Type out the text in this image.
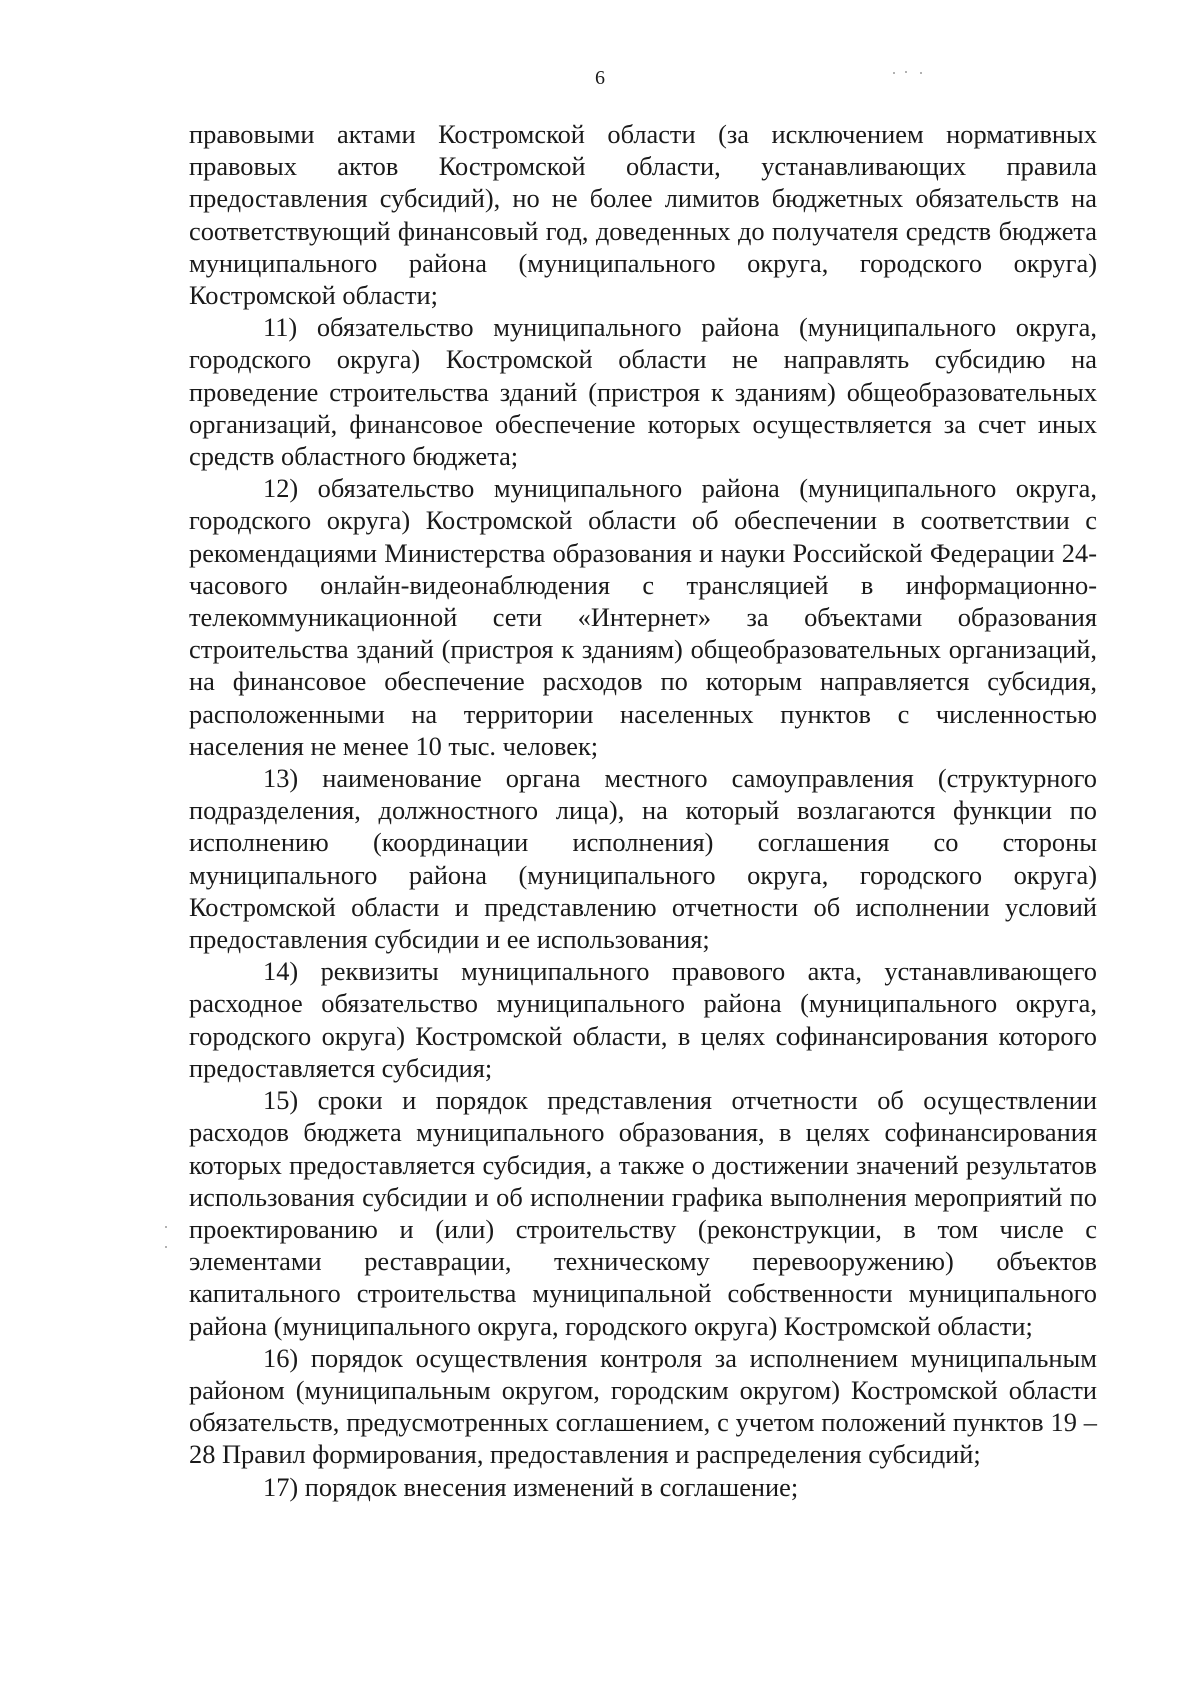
6

правовыми актами Костромской области (за исключением нормативных правовых актов Костромской области, устанавливающих правила предоставления субсидий), но не более лимитов бюджетных обязательств на соответствующий финансовый год, доведенных до получателя средств бюджета муниципального района (муниципального округа, городского округа) Костромской области;

11) обязательство муниципального района (муниципального округа, городского округа) Костромской области не направлять субсидию на проведение строительства зданий (пристроя к зданиям) общеобразовательных организаций, финансовое обеспечение которых осуществляется за счет иных средств областного бюджета;

12) обязательство муниципального района (муниципального округа, городского округа) Костромской области об обеспечении в соответствии с рекомендациями Министерства образования и науки Российской Федерации 24-часового онлайн-видеонаблюдения с трансляцией в информационно-телекоммуникационной сети «Интернет» за объектами образования строительства зданий (пристроя к зданиям) общеобразовательных организаций, на финансовое обеспечение расходов по которым направляется субсидия, расположенными на территории населенных пунктов с численностью населения не менее 10 тыс. человек;

13) наименование органа местного самоуправления (структурного подразделения, должностного лица), на который возлагаются функции по исполнению (координации исполнения) соглашения со стороны муниципального района (муниципального округа, городского округа) Костромской области и представлению отчетности об исполнении условий предоставления субсидии и ее использования;

14) реквизиты муниципального правового акта, устанавливающего расходное обязательство муниципального района (муниципального округа, городского округа) Костромской области, в целях софинансирования которого предоставляется субсидия;

15) сроки и порядок представления отчетности об осуществлении расходов бюджета муниципального образования, в целях софинансирования которых предоставляется субсидия, а также о достижении значений результатов использования субсидии и об исполнении графика выполнения мероприятий по проектированию и (или) строительству (реконструкции, в том числе с элементами реставрации, техническому перевооружению) объектов капитального строительства муниципальной собственности муниципального района (муниципального округа, городского округа) Костромской области;

16) порядок осуществления контроля за исполнением муниципальным районом (муниципальным округом, городским округом) Костромской области обязательств, предусмотренных соглашением, с учетом положений пунктов 19 – 28 Правил формирования, предоставления и распределения субсидий;

17) порядок внесения изменений в соглашение;
